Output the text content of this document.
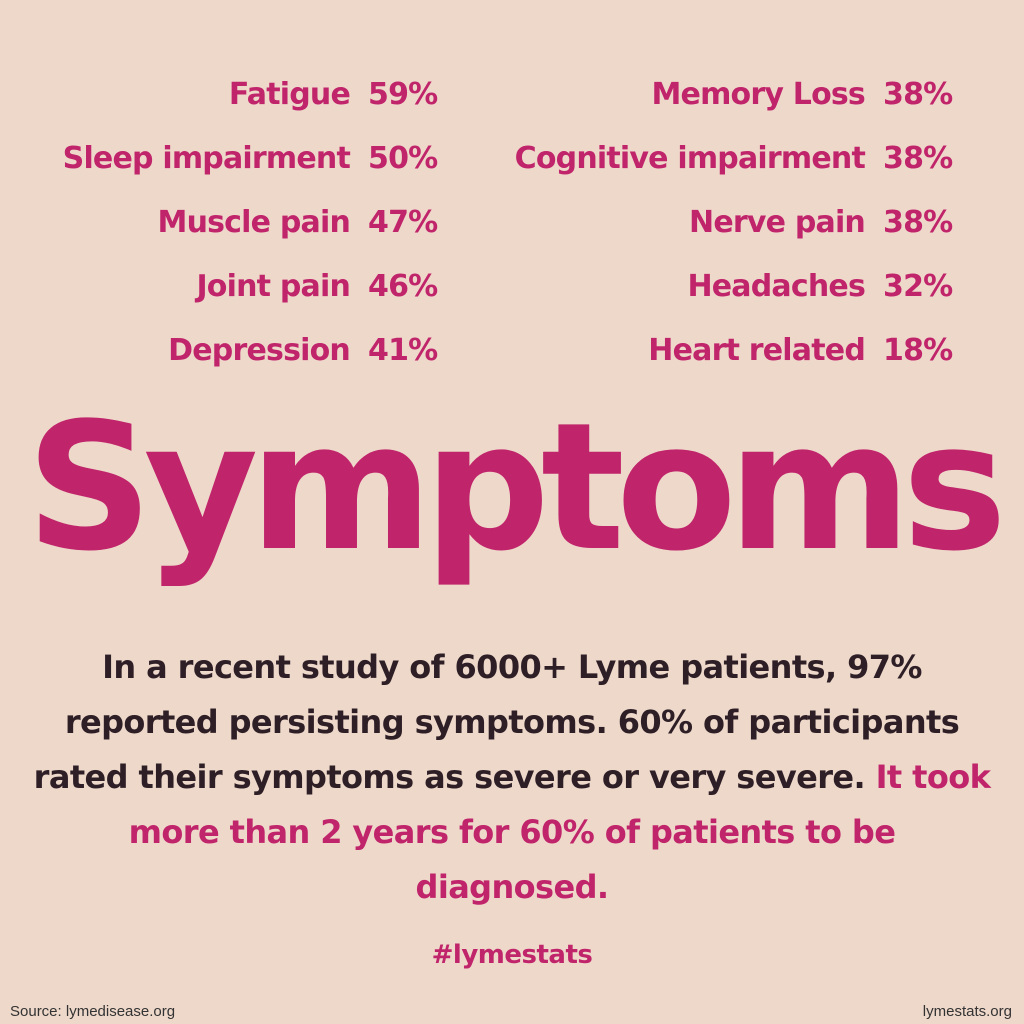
Fatigue 59%
Sleep impairment 50%
Muscle pain 47%
Joint pain 46%
Depression 41%
Memory Loss 38%
Cognitive impairment 38%
Nerve pain 38%
Headaches 32%
Heart related 18%
Symptoms
In a recent study of 6000+ Lyme patients, 97% reported persisting symptoms. 60% of participants rated their symptoms as severe or very severe. It took more than 2 years for 60% of patients to be diagnosed.
#lymestats
Source: lymedisease.org	lymestats.org
